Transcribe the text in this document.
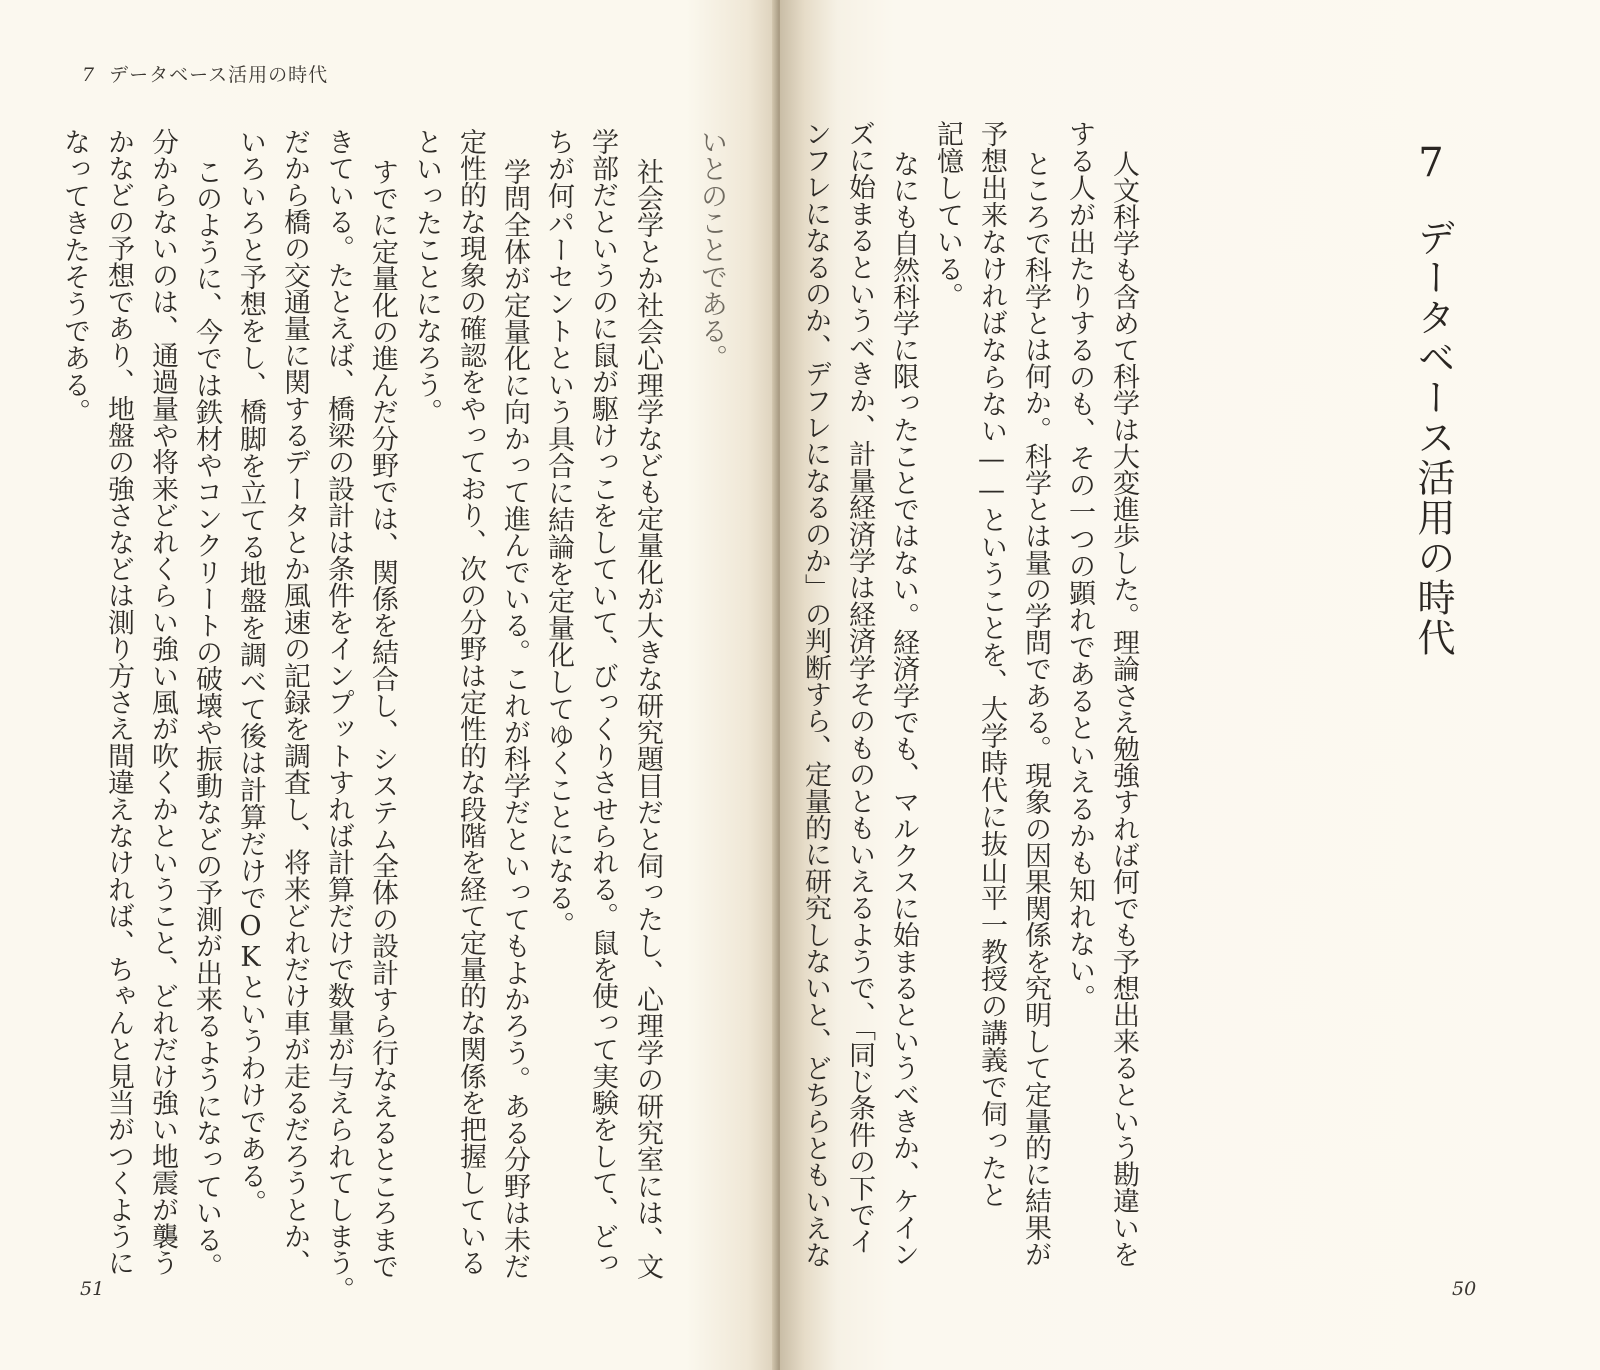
7 データベース活用の時代
いとのことである。
社会学とか社会心理学なども定量化が大きな研究題目だと伺ったし、心理学の研究室には、文
学部だというのに鼠が駆けっこをしていて、びっくりさせられる。鼠を使って実験をして、どっ
ちが何パーセントという具合に結論を定量化してゆくことになる。
学問全体が定量化に向かって進んでいる。これが科学だといってもよかろう。ある分野は未だ
定性的な現象の確認をやっており、次の分野は定性的な段階を経て定量的な関係を把握している
といったことになろう。
すでに定量化の進んだ分野では、関係を結合し、システム全体の設計すら行なえるところまで
きている。たとえば、橋梁の設計は条件をインプットすれば計算だけで数量が与えられてしまう。
だから橋の交通量に関するデータとか風速の記録を調査し、将来どれだけ車が走るだろうとか、
いろいろと予想をし、橋脚を立てる地盤を調べて後は計算だけでOKというわけである。
このように、今では鉄材やコンクリートの破壊や振動などの予測が出来るようになっている。
分からないのは、通過量や将来どれくらい強い風が吹くかということ、どれだけ強い地震が襲う
かなどの予想であり、地盤の強さなどは測り方さえ間違えなければ、ちゃんと見当がつくように
なってきたそうである。
51
7
データベース活用の時代
人文科学も含めて科学は大変進歩した。理論さえ勉強すれば何でも予想出来るという勘違いを
する人が出たりするのも、その一つの顕れであるといえるかも知れない。
ところで科学とは何か。科学とは量の学問である。現象の因果関係を究明して定量的に結果が
予想出来なければならない——ということを、大学時代に抜山平一教授の講義で伺ったと
記憶している。
なにも自然科学に限ったことではない。経済学でも、マルクスに始まるというべきか、ケイン
ズに始まるというべきか、計量経済学は経済学そのものともいえるようで、「同じ条件の下でイ
ンフレになるのか、デフレになるのか」の判断すら、定量的に研究しないと、どちらともいえな
50
